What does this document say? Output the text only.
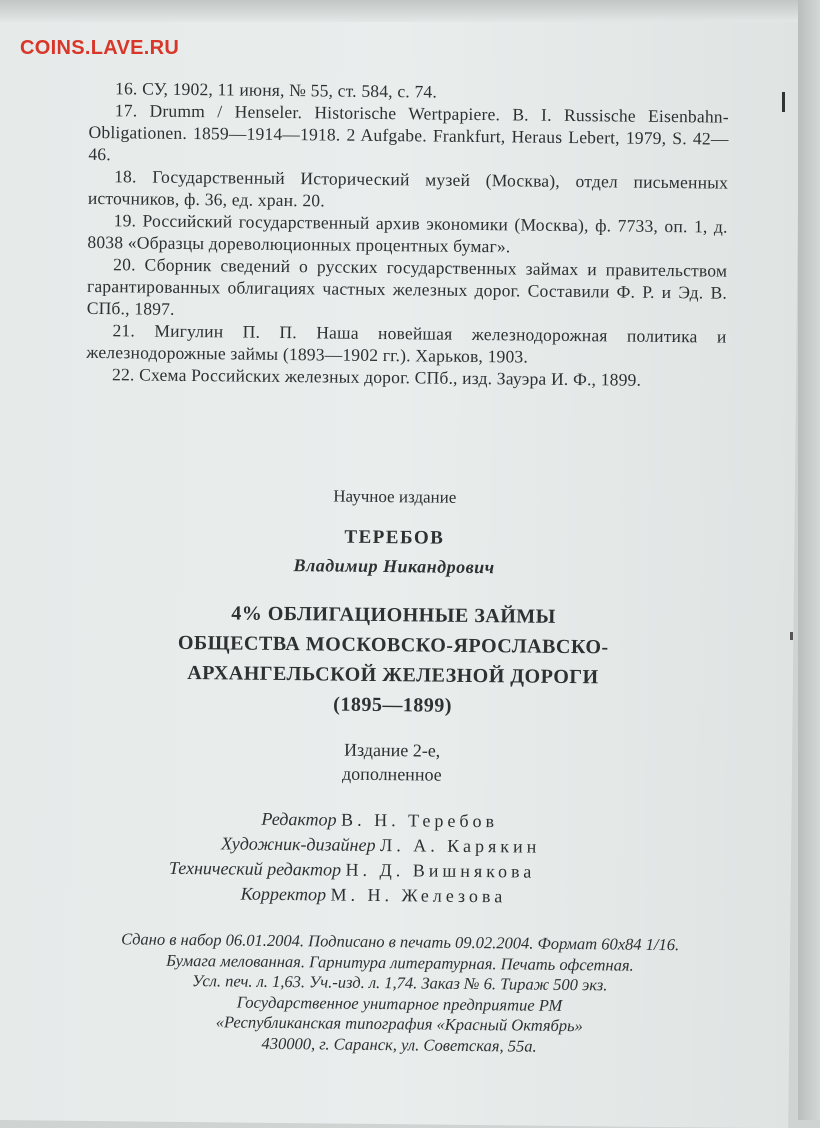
16. СУ, 1902, 11 июня, № 55, ст. 584, с. 74.

17. Drumm / Henseler. Historische Wertpapiere. B. I. Russische Eisenbahn-Obligationen. 1859—1914—1918. 2 Aufgabe. Frankfurt, Heraus Lebert, 1979, S. 42—46.

18. Государственный Исторический музей (Москва), отдел письменных источников, ф. 36, ед. хран. 20.

19. Российский государственный архив экономики (Москва), ф. 7733, оп. 1, д. 8038 «Образцы дореволюционных процентных бумаг».

20. Сборник сведений о русских государственных займах и правительством гарантированных облигациях частных железных дорог. Составили Ф. Р. и Эд. В. СПб., 1897.

21. Мигулин П. П. Наша новейшая железнодорожная политика и железнодорожные займы (1893—1902 гг.). Харьков, 1903.

22. Схема Российских железных дорог. СПб., изд. Зауэра И. Ф., 1899.

Научное издание
ТЕРЕБОВ
Владимир Никандрович
4% ОБЛИГАЦИОННЫЕ ЗАЙМЫ
ОБЩЕСТВА МОСКОВСКО-ЯРОСЛАВСКО-
АРХАНГЕЛЬСКОЙ ЖЕЛЕЗНОЙ ДОРОГИ
(1895—1899)
Издание 2-е,
дополненное
Редактор В. Н. Теребов
Художник-дизайнер Л. А. Карякин
Технический редактор Н. Д. Вишнякова
Корректор М. Н. Железова
Сдано в набор 06.01.2004. Подписано в печать 09.02.2004. Формат 60х84 1/16.
Бумага мелованная. Гарнитура литературная. Печать офсетная.
Усл. печ. л. 1,63. Уч.-изд. л. 1,74. Заказ № 6. Тираж 500 экз.
Государственное унитарное предприятие РМ
«Республиканская типография «Красный Октябрь»
430000, г. Саранск, ул. Советская, 55а.
COINS.LAVE.RU
